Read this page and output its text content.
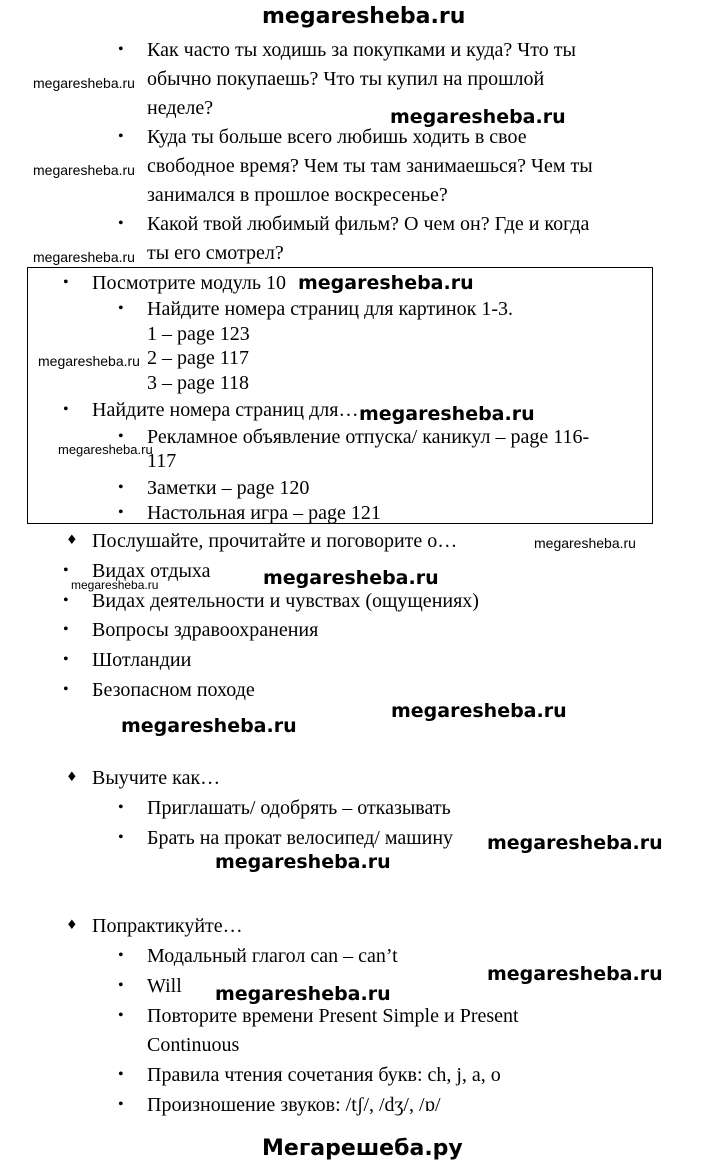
megaresheba.ru
• Как часто ты ходишь за покупками и куда? Что ты
обычно покупаешь? Что ты купил на прошлой
неделе?
• Куда ты больше всего любишь ходить в свое
свободное время? Чем ты там занимаешься? Чем ты
занимался в прошлое воскресенье?
• Какой твой любимый фильм? О чем он? Где и когда
ты его смотрел?
• Посмотрите модуль 10
• Найдите номера страниц для картинок 1-3.
1 – page 123
2 – page 117
3 – page 118
• Найдите номера страниц для…
• Рекламное объявление отпуска/ каникул – page 116-
117
• Заметки – page 120
• Настольная игра – page 121
♦ Послушайте, прочитайте и поговорите о…
• Видах отдыха
• Видах деятельности и чувствах (ощущениях)
• Вопросы здравоохранения
• Шотландии
• Безопасном походе
♦ Выучите как…
• Приглашать/ одобрять – отказывать
• Брать на прокат велосипед/ машину
♦ Попрактикуйте…
• Модальный глагол can – can’t
• Will
• Повторите времени Present Simple и Present
Continuous
• Правила чтения сочетания букв: ch, j, a, o
• Произношение звуков: /tʃ/, /dʒ/, /ɒ/
megaresheba.ru
megaresheba.ru
megaresheba.ru
megaresheba.ru
megaresheba.ru
megaresheba.ru
megaresheba.ru
megaresheba.ru
megaresheba.ru
megaresheba.ru
megaresheba.ru
megaresheba.ru
megaresheba.ru
megaresheba.ru
megaresheba.ru
megaresheba.ru
megaresheba.ru
Мегарешеба.ру
